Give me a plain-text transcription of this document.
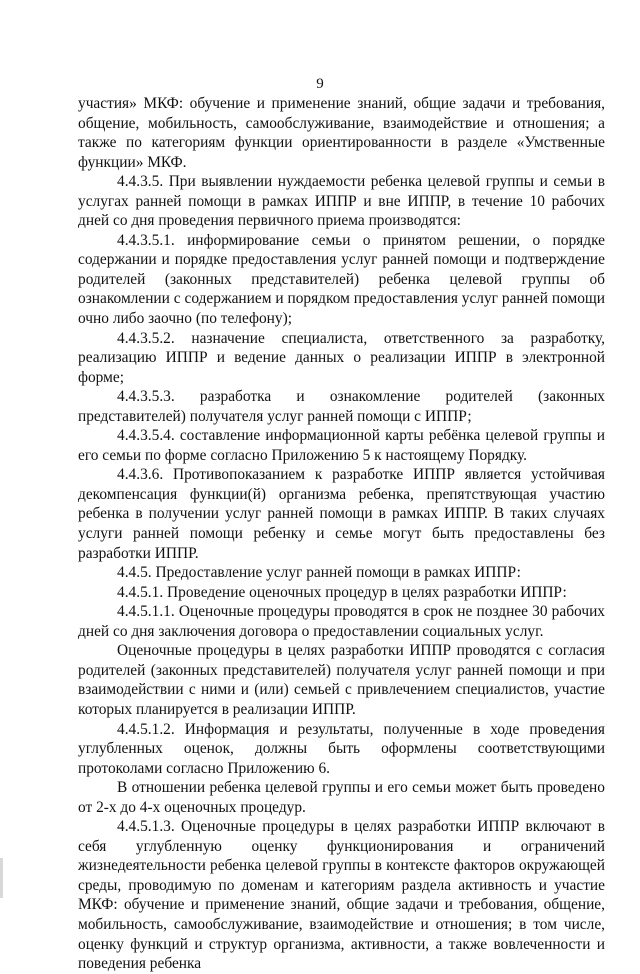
9

участия» МКФ: обучение и применение знаний, общие задачи и требования, общение, мобильность, самообслуживание, взаимодействие и отношения; а также по категориям функции ориентированности в разделе «Умственные функции» МКФ.

4.4.3.5. При выявлении нуждаемости ребенка целевой группы и семьи в услугах ранней помощи в рамках ИППР и вне ИППР, в течение 10 рабочих дней со дня проведения первичного приема производятся:

4.4.3.5.1. информирование семьи о принятом решении, о порядке содержании и порядке предоставления услуг ранней помощи и подтверждение родителей (законных представителей) ребенка целевой группы об ознакомлении с содержанием и порядком предоставления услуг ранней помощи очно либо заочно (по телефону);

4.4.3.5.2. назначение специалиста, ответственного за разработку, реализацию ИППР и ведение данных о реализации ИППР в электронной форме;

4.4.3.5.3. разработка и ознакомление родителей (законных представителей) получателя услуг ранней помощи с ИППР;

4.4.3.5.4. составление информационной карты ребёнка целевой группы и его семьи по форме согласно Приложению 5 к настоящему Порядку.

4.4.3.6. Противопоказанием к разработке ИППР является устойчивая декомпенсация функции(й) организма ребенка, препятствующая участию ребенка в получении услуг ранней помощи в рамках ИППР. В таких случаях услуги ранней помощи ребенку и семье могут быть предоставлены без разработки ИППР.

4.4.5. Предоставление услуг ранней помощи в рамках ИППР:

4.4.5.1. Проведение оценочных процедур в целях разработки ИППР:

4.4.5.1.1. Оценочные процедуры проводятся в срок не позднее 30 рабочих дней со дня заключения договора о предоставлении социальных услуг.

Оценочные процедуры в целях разработки ИППР проводятся с согласия родителей (законных представителей) получателя услуг ранней помощи и при взаимодействии с ними и (или) семьей с привлечением специалистов, участие которых планируется в реализации ИППР.

4.4.5.1.2. Информация и результаты, полученные в ходе проведения углубленных оценок, должны быть оформлены соответствующими протоколами согласно Приложению 6.

В отношении ребенка целевой группы и его семьи может быть проведено от 2-х до 4-х оценочных процедур.

4.4.5.1.3. Оценочные процедуры в целях разработки ИППР включают в себя углубленную оценку функционирования и ограничений жизнедеятельности ребенка целевой группы в контексте факторов окружающей среды, проводимую по доменам и категориям раздела активность и участие МКФ: обучение и применение знаний, общие задачи и требования, общение, мобильность, самообслуживание, взаимодействие и отношения; в том числе, оценку функций и структур организма, активности, а также вовлеченности и поведения ребенка
